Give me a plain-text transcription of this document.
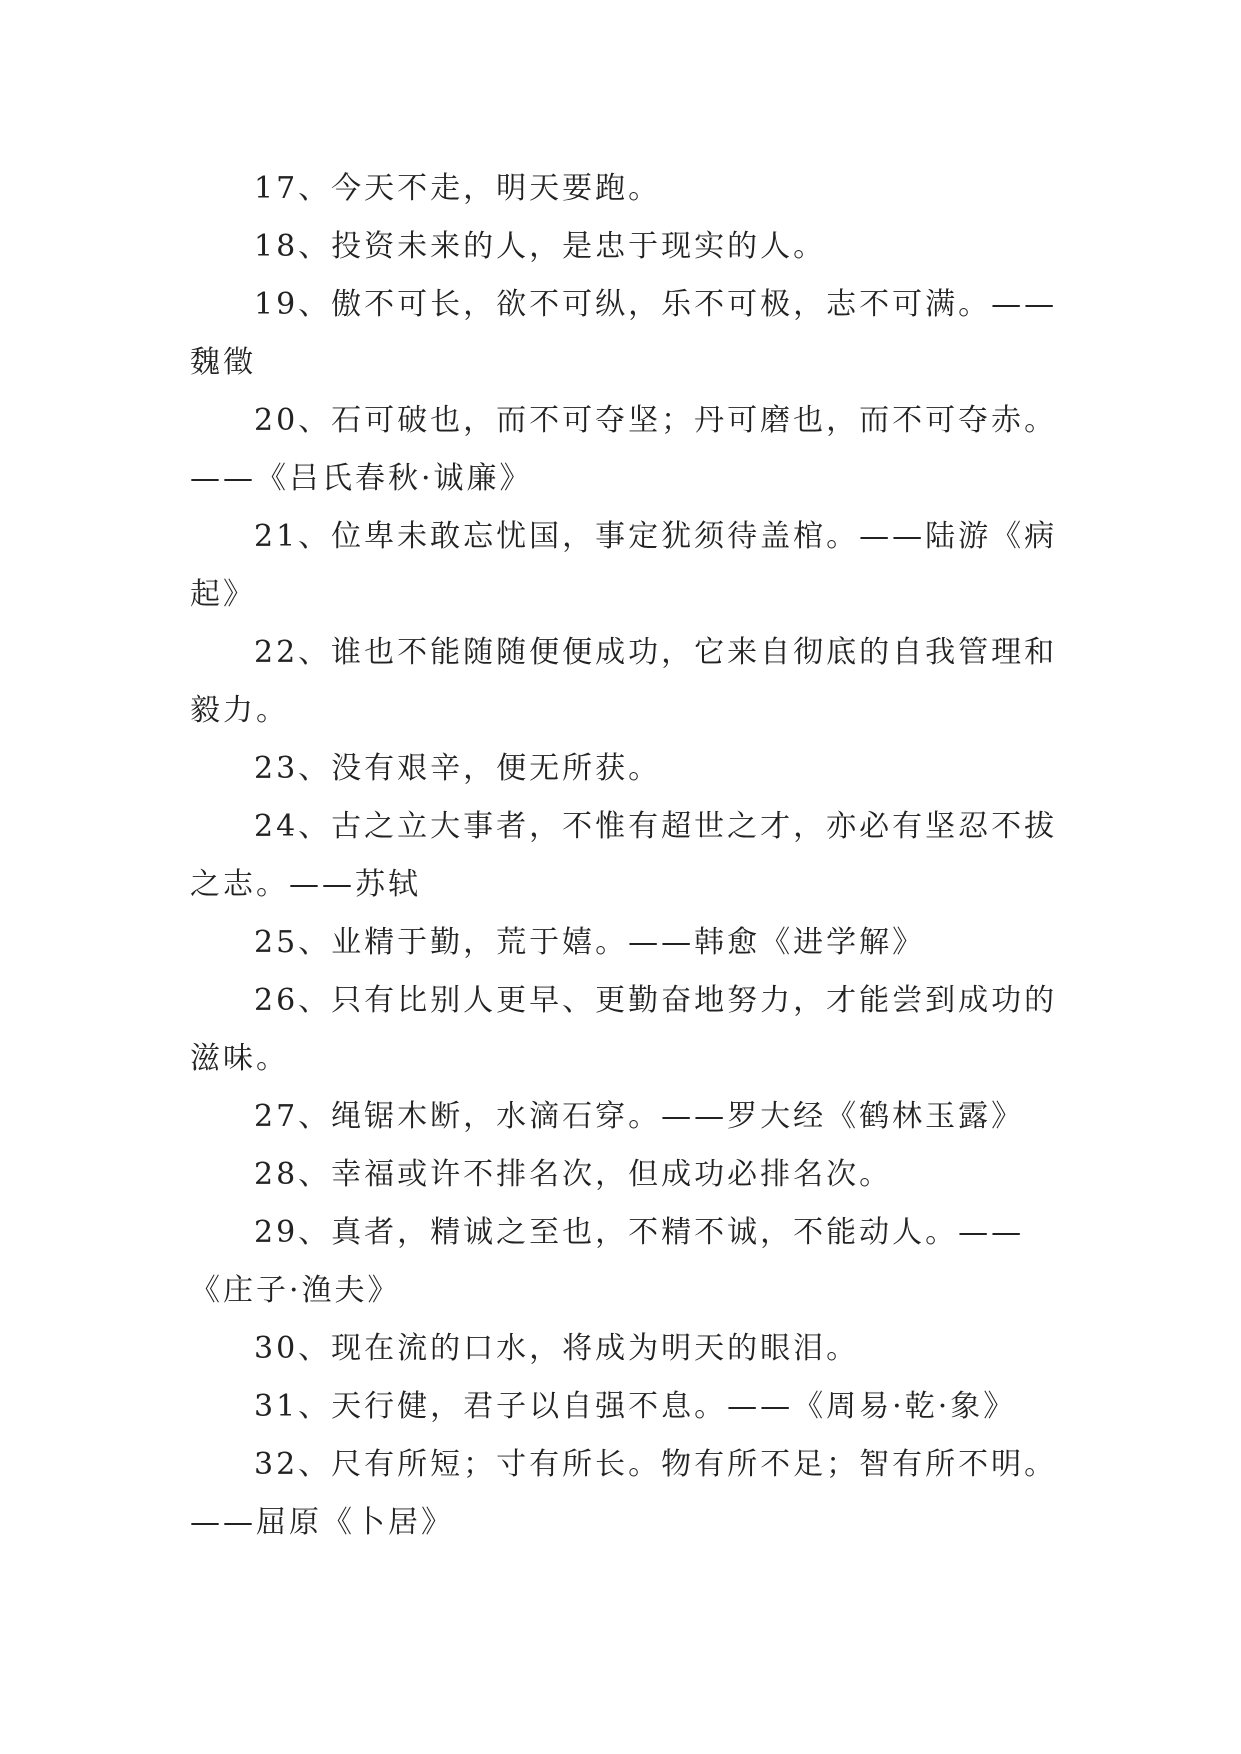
17、今天不走，明天要跑。

18、投资未来的人，是忠于现实的人。

19、傲不可长，欲不可纵，乐不可极，志不可满。——魏徵

20、石可破也，而不可夺坚；丹可磨也，而不可夺赤。——《吕氏春秋·诚廉》

21、位卑未敢忘忧国，事定犹须待盖棺。——陆游《病起》

22、谁也不能随随便便成功，它来自彻底的自我管理和毅力。

23、没有艰辛，便无所获。

24、古之立大事者，不惟有超世之才，亦必有坚忍不拔之志。——苏轼

25、业精于勤，荒于嬉。——韩愈《进学解》

26、只有比别人更早、更勤奋地努力，才能尝到成功的滋味。

27、绳锯木断，水滴石穿。——罗大经《鹤林玉露》

28、幸福或许不排名次，但成功必排名次。

29、真者，精诚之至也，不精不诚，不能动人。——《庄子·渔夫》

30、现在流的口水，将成为明天的眼泪。

31、天行健，君子以自强不息。——《周易·乾·象》

32、尺有所短；寸有所长。物有所不足；智有所不明。——屈原《卜居》
